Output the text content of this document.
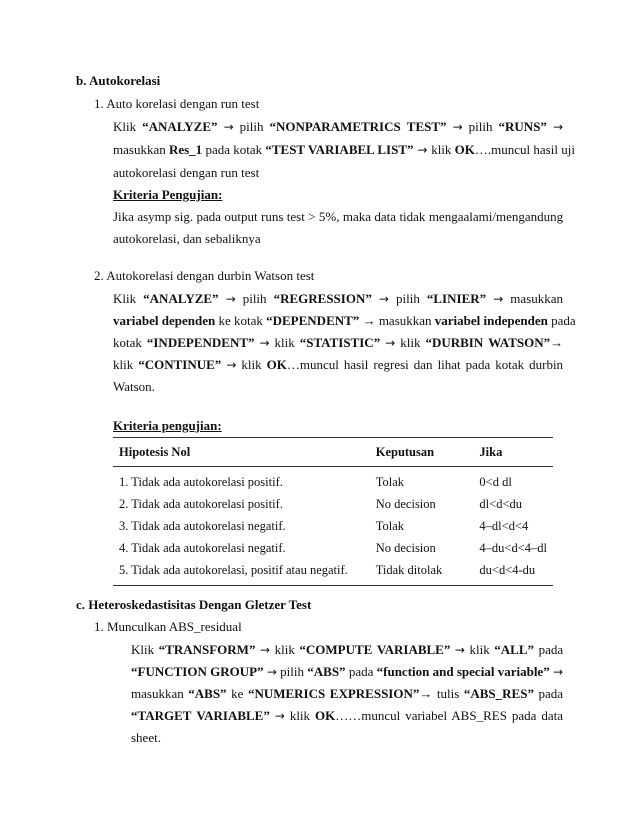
b. Autokorelasi
1. Auto korelasi dengan run test
Klik “ANALYZE” → pilih “NONPARAMETRICS TEST” → pilih “RUNS” →
masukkan Res_1 pada kotak “TEST VARIABEL LIST” → klik OK….muncul hasil uji
autokorelasi dengan run test
Kriteria Pengujian:
Jika asymp sig. pada output runs test > 5%, maka data tidak mengaalami/mengandung
autokorelasi, dan sebaliknya
2. Autokorelasi dengan durbin Watson test
Klik “ANALYZE” → pilih “REGRESSION” → pilih “LINIER” → masukkan
variabel dependen ke kotak “DEPENDENT” → masukkan variabel independen pada
kotak “INDEPENDENT” → klik “STATISTIC” → klik “DURBIN WATSON”→
klik “CONTINUE” → klik OK…muncul hasil regresi dan lihat pada kotak durbin
Watson.
Kriteria pengujian:
Hipotesis Nol	Keputusan	Jika
1. Tidak ada autokorelasi positif.	Tolak	0<d dl
2. Tidak ada autokorelasi positif.	No decision	dl<d<du
3. Tidak ada autokorelasi negatif.	Tolak	4–dl<d<4
4. Tidak ada autokorelasi negatif.	No decision	4–du<d<4–dl
5. Tidak ada autokorelasi, positif atau negatif.	Tidak ditolak	du<d<4-du
c. Heteroskedastisitas Dengan Gletzer Test
1. Munculkan ABS_residual
Klik “TRANSFORM” → klik “COMPUTE VARIABLE” → klik “ALL” pada
“FUNCTION GROUP” → pilih “ABS” pada “function and special variable” →
masukkan “ABS” ke “NUMERICS EXPRESSION”→ tulis “ABS_RES” pada
“TARGET VARIABLE” → klik OK……muncul variabel ABS_RES pada data
sheet.
